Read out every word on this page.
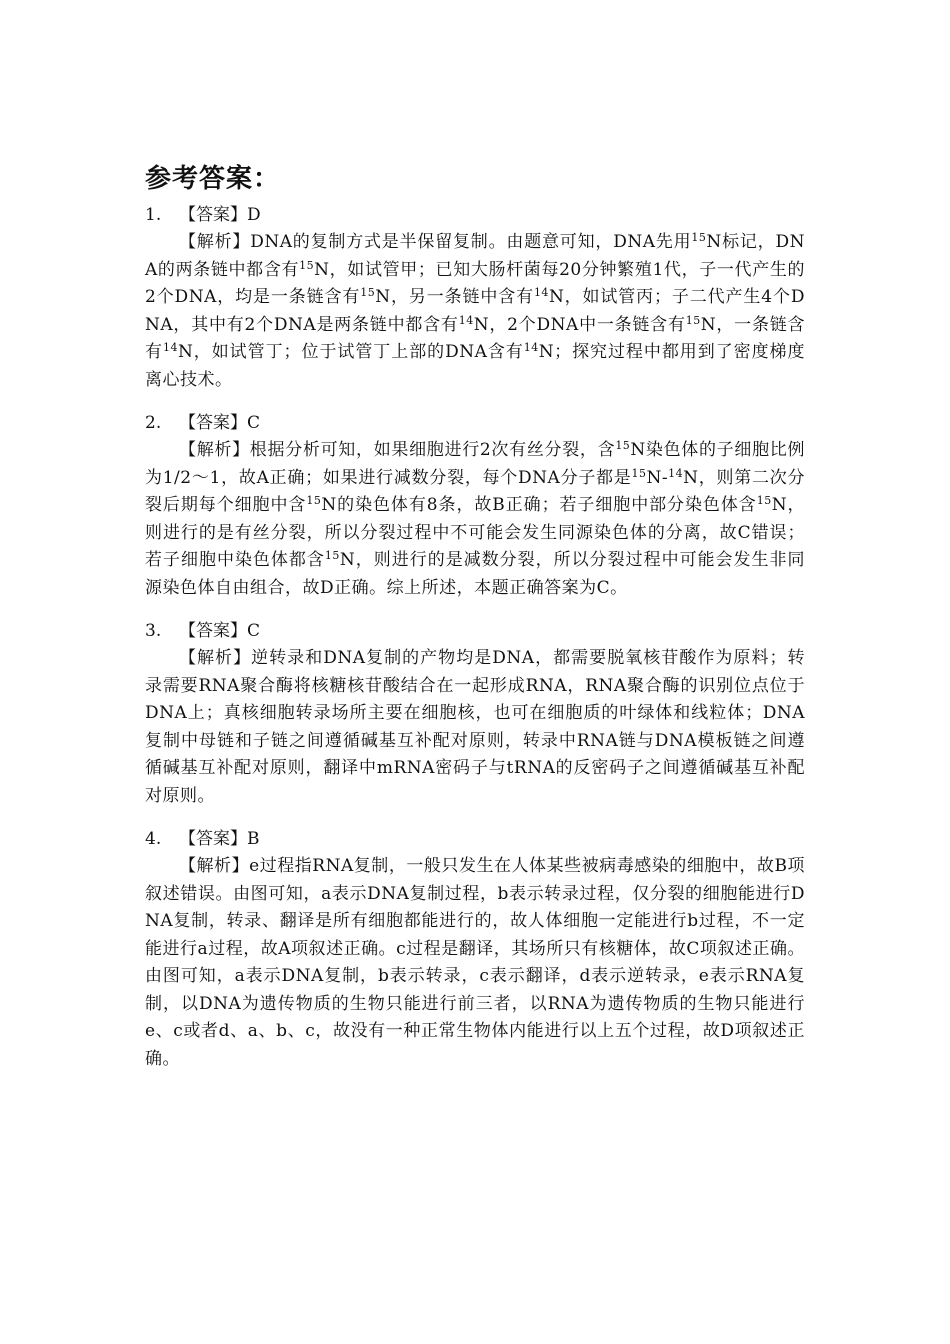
参考答案：
1. 【答案】D
【解析】DNA的复制方式是半保留复制。由题意可知，DNA先用$^{15}$N标记，DNA的两条链中都含有$^{15}$N，如试管甲；已知大肠杆菌每20分钟繁殖1代，子一代产生的2个DNA，均是一条链含有$^{15}$N，另一条链中含有$^{14}$N，如试管丙；子二代产生4个DNA，其中有2个DNA是两条链中都含有$^{14}$N，2个DNA中一条链含有$^{15}$N，一条链含有$^{14}$N，如试管丁；位于试管丁上部的DNA含有$^{14}$N；探究过程中都用到了密度梯度离心技术。
2. 【答案】C
【解析】根据分析可知，如果细胞进行2次有丝分裂，含$^{15}$N染色体的子细胞比例为1/2～1，故A正确；如果进行减数分裂，每个DNA分子都是$^{15}$N-$^{14}$N，则第二次分裂后期每个细胞中含$^{15}$N的染色体有8条，故B正确；若子细胞中部分染色体含$^{15}$N，则进行的是有丝分裂，所以分裂过程中不可能会发生同源染色体的分离，故C错误；若子细胞中染色体都含$^{15}$N，则进行的是减数分裂，所以分裂过程中可能会发生非同源染色体自由组合，故D正确。综上所述，本题正确答案为C。
3. 【答案】C
【解析】逆转录和DNA复制的产物均是DNA，都需要脱氧核苷酸作为原料；转录需要RNA聚合酶将核糖核苷酸结合在一起形成RNA，RNA聚合酶的识别位点位于DNA上；真核细胞转录场所主要在细胞核，也可在细胞质的叶绿体和线粒体；DNA复制中母链和子链之间遵循碱基互补配对原则，转录中RNA链与DNA模板链之间遵循碱基互补配对原则，翻译中mRNA密码子与tRNA的反密码子之间遵循碱基互补配对原则。
4. 【答案】B
【解析】e过程指RNA复制，一般只发生在人体某些被病毒感染的细胞中，故B项叙述错误。由图可知，a表示DNA复制过程，b表示转录过程，仅分裂的细胞能进行DNA复制，转录、翻译是所有细胞都能进行的，故人体细胞一定能进行b过程，不一定能进行a过程，故A项叙述正确。c过程是翻译，其场所只有核糖体，故C项叙述正确。由图可知，a表示DNA复制，b表示转录，c表示翻译，d表示逆转录，e表示RNA复制，以DNA为遗传物质的生物只能进行前三者，以RNA为遗传物质的生物只能进行e、c或者d、a、b、c，故没有一种正常生物体内能进行以上五个过程，故D项叙述正确。
